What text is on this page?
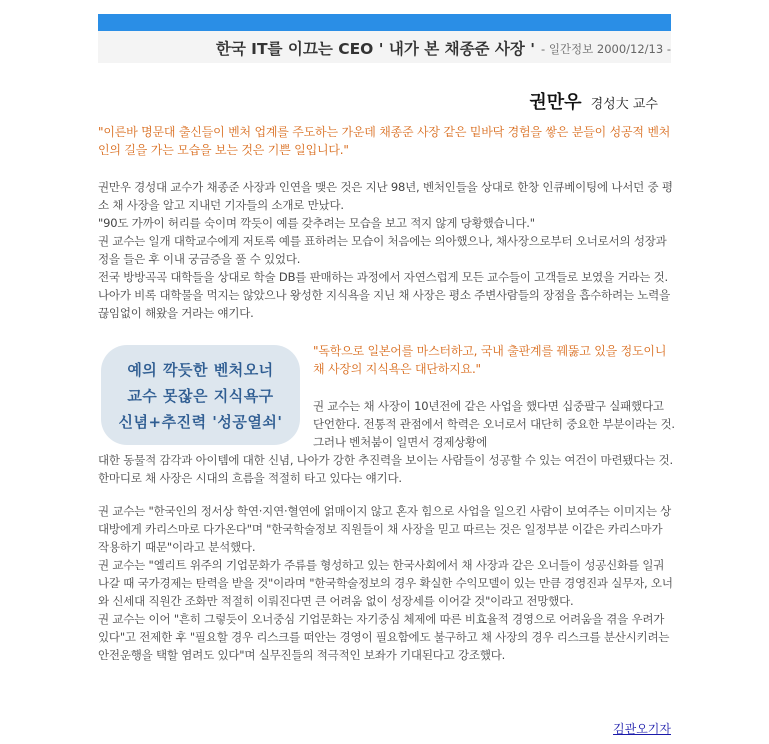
한국 IT를 이끄는 CEO ' 내가 본 채종준 사장 ' $_{- 일간정보 2000/12/13 -}$
권만우 경성大 교수

"이른바 명문대 출신들이 벤처 업계를 주도하는 가운데 채종준 사장 같은 밑바닥 경험을 쌓은 분들이 성공적 벤처인의 길을 가는 모습을 보는 것은 기쁜 일입니다."

권만우 경성대 교수가 채종준 사장과 인연을 맺은 것은 지난 98년, 벤처인들을 상대로 한창 인큐베이팅에 나서던 중 평소 채 사장을 알고 지내던 기자들의 소개로 만났다.
"90도 가까이 허리를 숙이며 깍듯이 예를 갖추려는 모습을 보고 적지 않게 당황했습니다."
권 교수는 일개 대학교수에게 저토록 예를 표하려는 모습이 처음에는 의아했으나, 채사장으로부터 오너로서의 성장과정을 들은 후 이내 궁금증을 풀 수 있었다.
전국 방방곡곡 대학들을 상대로 학술 DB를 판매하는 과정에서 자연스럽게 모든 교수들이 고객들로 보였을 거라는 것. 나아가 비록 대학물을 먹지는 않았으나 왕성한 지식욕을 지닌 채 사장은 평소 주변사람들의 장점을 흡수하려는 노력을 끊임없이 해왔을 거라는 얘기다.
예의 깍듯한 벤처오너
교수 못잖은 지식욕구
신념+추진력 '성공열쇠'

"독학으로 일본어를 마스터하고, 국내 출판계를 꿰뚫고 있을 정도이니 채 사장의 지식욕은 대단하지요."

권 교수는 채 사장이 10년전에 같은 사업을 했다면 십중팔구 실패했다고 단언한다. 전통적 관점에서 학력은 오너로서 대단히 중요한 부분이라는 것. 그러나 벤처붐이 일면서 경제상황에

대한 동물적 감각과 아이템에 대한 신념, 나아가 강한 추진력을 보이는 사람들이 성공할 수 있는 여건이 마련됐다는 것. 한마디로 채 사장은 시대의 흐름을 적절히 타고 있다는 얘기다.

권 교수는 "한국인의 정서상 학연·지연·혈연에 얽매이지 않고 혼자 힘으로 사업을 일으킨 사람이 보여주는 이미지는 상대방에게 카리스마로 다가온다"며 "한국학술정보 직원들이 채 사장을 믿고 따르는 것은 일정부분 이같은 카리스마가 작용하기 때문"이라고 분석했다.
권 교수는 "엘리트 위주의 기업문화가 주류를 형성하고 있는 한국사회에서 채 사장과 같은 오너들이 성공신화를 일궈 나갈 때 국가경제는 탄력을 받을 것"이라며 "한국학술정보의 경우 확실한 수익모델이 있는 만큼 경영진과 실무자, 오너와 신세대 직원간 조화만 적절히 이뤄진다면 큰 어려움 없이 성장세를 이어갈 것"이라고 전망했다.
권 교수는 이어 "흔히 그렇듯이 오너중심 기업문화는 자기중심 체제에 따른 비효율적 경영으로 어려움을 겪을 우려가 있다"고 전제한 후 "필요할 경우 리스크를 떠안는 경영이 필요함에도 불구하고 채 사장의 경우 리스크를 분산시키려는 안전운행을 택할 염려도 있다"며 실무진들의 적극적인 보좌가 기대된다고 강조했다.
김관오기자
